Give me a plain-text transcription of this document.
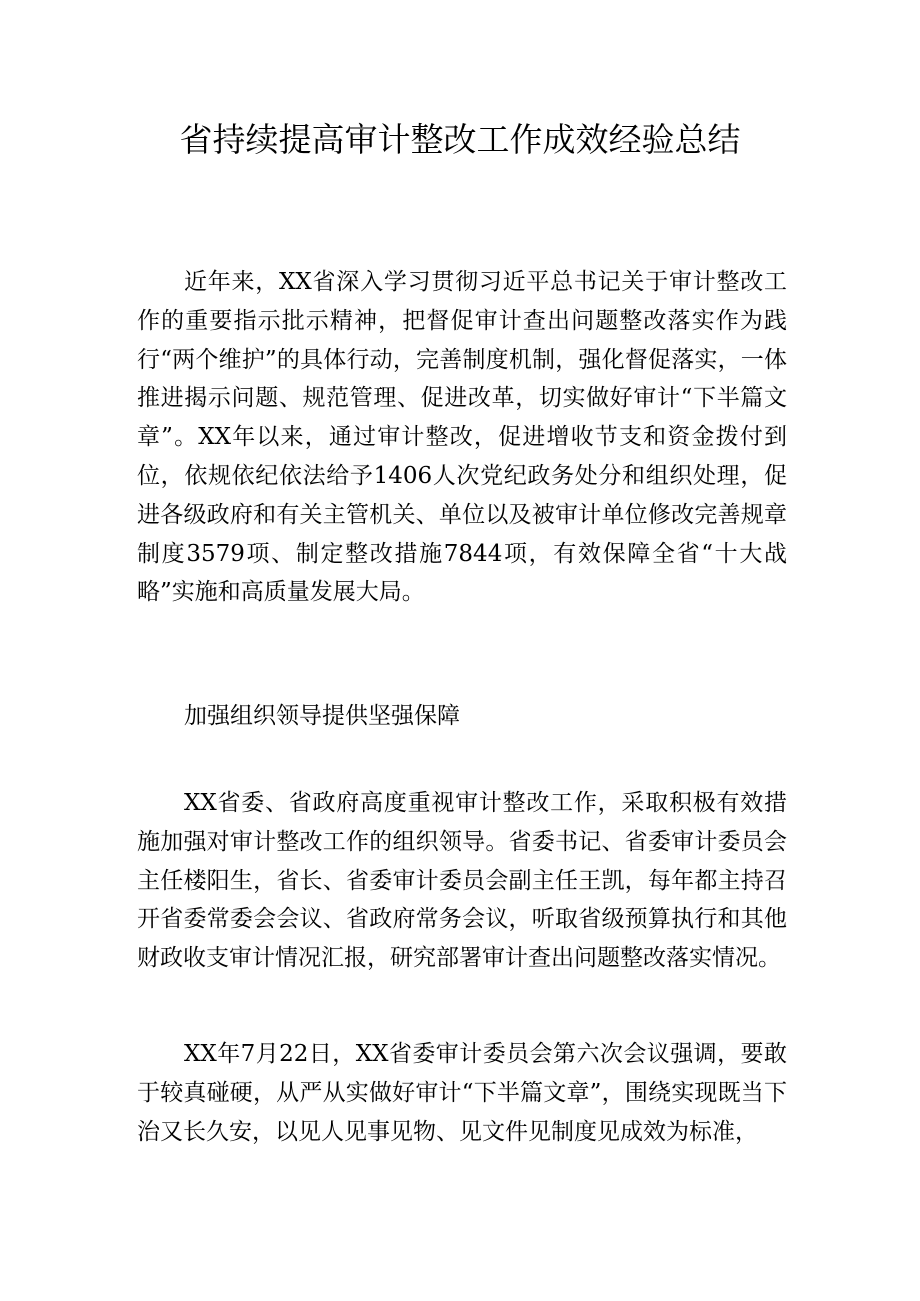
省持续提高审计整改工作成效经验总结

近年来，XX省深入学习贯彻习近平总书记关于审计整改工作的重要指示批示精神，把督促审计查出问题整改落实作为践行“两个维护”的具体行动，完善制度机制，强化督促落实，一体推进揭示问题、规范管理、促进改革，切实做好审计“下半篇文章”。XX年以来，通过审计整改，促进增收节支和资金拨付到位，依规依纪依法给予1406人次党纪政务处分和组织处理，促进各级政府和有关主管机关、单位以及被审计单位修改完善规章制度3579项、制定整改措施7844项，有效保障全省“十大战略”实施和高质量发展大局。

加强组织领导提供坚强保障

XX省委、省政府高度重视审计整改工作，采取积极有效措施加强对审计整改工作的组织领导。省委书记、省委审计委员会主任楼阳生，省长、省委审计委员会副主任王凯，每年都主持召开省委常委会会议、省政府常务会议，听取省级预算执行和其他财政收支审计情况汇报，研究部署审计查出问题整改落实情况。

XX年7月22日，XX省委审计委员会第六次会议强调，要敢于较真碰硬，从严从实做好审计“下半篇文章”，围绕实现既当下治又长久安，以见人见事见物、见文件见制度见成效为标准，
